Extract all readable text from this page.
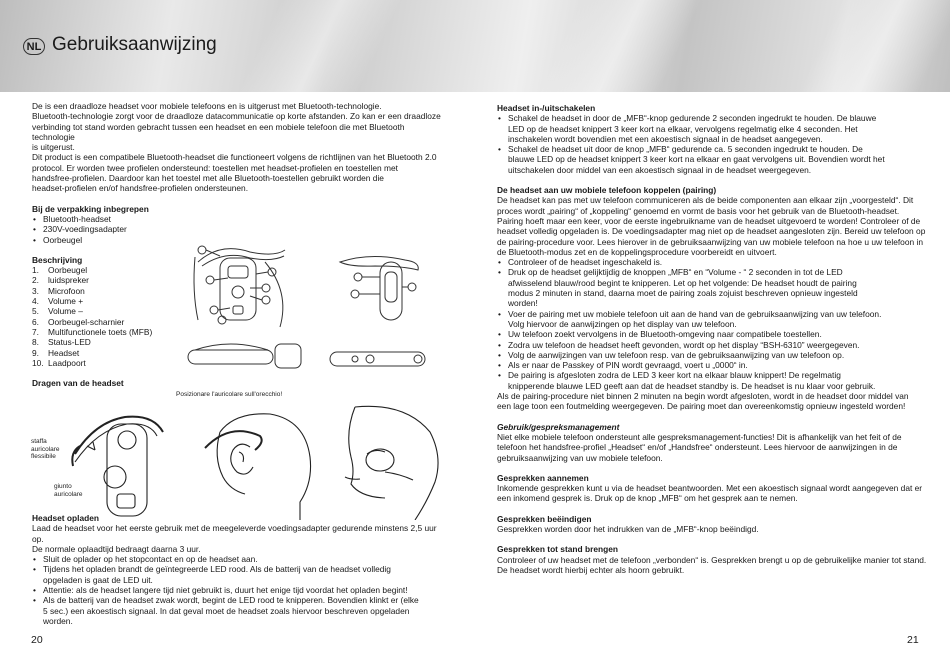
NL Gebruiksaanwijzing

De is een draadloze headset voor mobiele telefoons en is uitgerust met Bluetooth-technologie.

Bluetooth-technologie zorgt voor de draadloze datacommunicatie op korte afstanden. Zo kan er een draadloze

verbinding tot stand worden gebracht tussen een headset en een mobiele telefoon die met Bluetooth technologie

is uitgerust.

Dit product is een compatibele Bluetooth-headset die functioneert volgens de richtlijnen van het Bluetooth 2.0

protocol. Er worden twee profielen ondersteund: toestellen met headset-profielen en toestellen met

handsfree-profielen. Daardoor kan het toestel met alle Bluetooth-toestellen gebruikt worden die

headset-profielen en/of handsfree-profielen ondersteunen.

Bij de verpakking inbegrepen
• Bluetooth-headset
• 230V-voedingsadapter
• Oorbeugel
Beschrijving
1. Oorbeugel
2. luidspreker
3. Microfoon
4. Volume +
5. Volume –
6. Oorbeugel-scharnier
7. Multifunctionele toets (MFB)
8. Status-LED
9. Headset
10. Laadpoort
Dragen van de headset
Posizionare l'auricolare sull'orecchio!
staffa
auricolare
flessibile
giunto
auricolare
Headset opladen

Laad de headset voor het eerste gebruik met de meegeleverde voedingsadapter gedurende minstens 2,5 uur op.

De normale oplaadtijd bedraagt daarna 3 uur.

• Sluit de oplader op het stopcontact en op de headset aan.
• Tijdens het opladen brandt de geïntegreerde LED rood. Als de batterij van de headset volledig
opgeladen is gaat de LED uit.
• Attentie: als de headset langere tijd niet gebruikt is, duurt het enige tijd voordat het opladen begint!
• Als de batterij van de headset zwak wordt, begint de LED rood te knipperen. Bovendien klinkt er (elke
5 sec.) een akoestisch signaal. In dat geval moet de headset zoals hiervoor beschreven opgeladen
worden.
20
Headset in-/uitschakelen
• Schakel de headset in door de „MFB“-knop gedurende 2 seconden ingedrukt te houden. De blauwe
LED op de headset knippert 3 keer kort na elkaar, vervolgens regelmatig elke 4 seconden. Het
inschakelen wordt bovendien met een akoestisch signaal in de headset aangegeven.
• Schakel de headset uit door de knop „MFB“ gedurende ca. 5 seconden ingedrukt te houden. De
blauwe LED op de headset knippert 3 keer kort na elkaar en gaat vervolgens uit. Bovendien wordt het
uitschakelen door middel van een akoestisch signaal in de headset weergegeven.
De headset aan uw mobiele telefoon koppelen (pairing)

De headset kan pas met uw telefoon communiceren als de beide componenten aan elkaar zijn „voorgesteld“. Dit

proces wordt „pairing“ of „koppeling“ genoemd en vormt de basis voor het gebruik van de Bluetooth-headset.

Pairing hoeft maar een keer, voor de eerste ingebruikname van de headset uitgevoerd te worden! Controleer of de

headset volledig opgeladen is. De voedingsadapter mag niet op de headset aangesloten zijn. Bereid uw telefoon op

de pairing-procedure voor. Lees hierover in de gebruiksaanwijzing van uw mobiele telefoon na hoe u uw telefoon in

de Bluetooth-modus zet en de koppelingsprocedure voorbereidt en uitvoert.

• Controleer of de headset ingeschakeld is.
• Druk op de headset gelijktijdig de knoppen „MFB“ en “Volume - “ 2 seconden in tot de LED
afwisselend blauw/rood begint te knipperen. Let op het volgende: De headset houdt de pairing
modus 2 minuten in stand, daarna moet de pairing zoals zojuist beschreven opnieuw ingesteld
worden!
• Voer de pairing met uw mobiele telefoon uit aan de hand van de gebruiksaanwijzing van uw telefoon.
Volg hiervoor de aanwijzingen op het display van uw telefoon.
• Uw telefoon zoekt vervolgens in de Bluetooth-omgeving naar compatibele toestellen.
• Zodra uw telefoon de headset heeft gevonden, wordt op het display “BSH-6310” weergegeven.
• Volg de aanwijzingen van uw telefoon resp. van de gebruiksaanwijzing van uw telefoon op.
• Als er naar de Passkey of PIN wordt gevraagd, voert u „0000“ in.
• De pairing is afgesloten zodra de LED 3 keer kort na elkaar blauw knippert! De regelmatig
knipperende blauwe LED geeft aan dat de headset standby is. De headset is nu klaar voor gebruik.

Als de pairing-procedure niet binnen 2 minuten na begin wordt afgesloten, wordt in de headset door middel van

een lage toon een foutmelding weergegeven. De pairing moet dan overeenkomstig opnieuw ingesteld worden!

Gebruik/gespreksmanagement

Niet elke mobiele telefoon ondersteunt alle gespreksmanagement-functies! Dit is afhankelijk van het feit of de

telefoon het handsfree-profiel „Headset“ en/of „Handsfree“ ondersteunt. Lees hiervoor de aanwijzingen in de

gebruiksaanwijzing van uw mobiele telefoon.

Gesprekken aannemen

Inkomende gesprekken kunt u via de headset beantwoorden. Met een akoestisch signaal wordt aangegeven dat er

een inkomend gesprek is. Druk op de knop „MFB“ om het gesprek aan te nemen.

Gesprekken beëindigen

Gesprekken worden door het indrukken van de „MFB“-knop beëindigd.

Gesprekken tot stand brengen

Controleer of uw headset met de telefoon „verbonden“ is. Gesprekken brengt u op de gebruikelijke manier tot stand.

De headset wordt hierbij echter als hoorn gebruikt.

21
